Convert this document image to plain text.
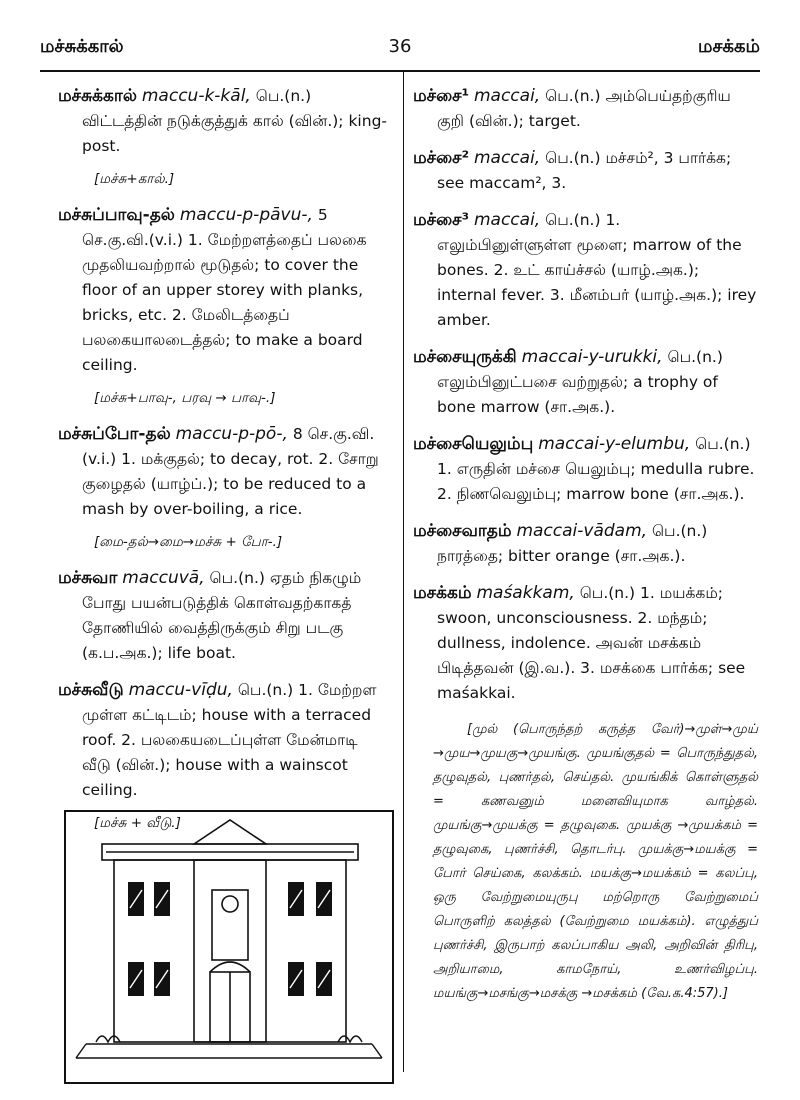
மச்சுக்கால்	36	மசக்கம்
மச்சுக்கால் maccu-k-kāl, பெ.(n.) விட்டத்தின் நடுக்குத்துக் கால் (வின்.); king-post.
[மச்சு+கால்.]
மச்சுப்பாவு-தல் maccu-p-pāvu-, 5 செ.கு.வி.(v.i.) 1. மேற்றளத்தைப் பலகை முதலியவற்றால் மூடுதல்; to cover the floor of an upper storey with planks, bricks, etc. 2. மேலிடத்தைப் பலகையாலடைத்தல்; to make a board ceiling.
[மச்சு+பாவு-, பரவு → பாவு-.]
மச்சுப்போ-தல் maccu-p-pō-, 8 செ.கு.வி. (v.i.) 1. மக்குதல்; to decay, rot. 2. சோறு குழைதல் (யாழ்ப்.); to be reduced to a mash by over-boiling, a rice.
[மை-தல்→மை→மச்சு + போ-.]
மச்சுவா maccuvā, பெ.(n.) ஏதம் நிகழும் போது பயன்படுத்திக் கொள்வதற்காகத் தோணியில் வைத்திருக்கும் சிறு படகு (க.ப.அக.); life boat.
மச்சுவீடு maccu-vīḍu, பெ.(n.) 1. மேற்றள முள்ள கட்டிடம்; house with a terraced roof. 2. பலகையடைப்புள்ள மேன்மாடி வீடு (வின்.); house with a wainscot ceiling.
[மச்சு + வீடு.]
மச்சை¹ maccai, பெ.(n.) அம்பெய்தற்குரிய குறி (வின்.); target.
மச்சை² maccai, பெ.(n.) மச்சம்², 3 பார்க்க; see maccam², 3.
மச்சை³ maccai, பெ.(n.) 1. எலும்பினுள்ளுள்ள மூளை; marrow of the bones. 2. உட் காய்ச்சல் (யாழ்.அக.); internal fever. 3. மீனம்பர் (யாழ்.அக.); irey amber.
மச்சையுருக்கி maccai-y-urukki, பெ.(n.) எலும்பினுட்பசை வற்றுதல்; a trophy of bone marrow (சா.அக.).
மச்சையெலும்பு maccai-y-elumbu, பெ.(n.) 1. எருதின் மச்சை யெலும்பு; medulla rubre. 2. நிணவெலும்பு; marrow bone (சா.அக.).
மச்சைவாதம் maccai-vādam, பெ.(n.) நாரத்தை; bitter orange (சா.அக.).
மசக்கம் maśakkam, பெ.(n.) 1. மயக்கம்; swoon, unconsciousness. 2. மந்தம்; dullness, indolence. அவன் மசக்கம் பிடித்தவன் (இ.வ.). 3. மசக்கை பார்க்க; see maśakkai.
[முல் (பொருந்தற் கருத்த வேர்)→முள்→முய் →முய→முயகு→முயங்கு. முயங்குதல் = பொருந்துதல், தழுவுதல், புணர்தல், செய்தல். முயங்கிக் கொள்ளுதல் = கணவனும் மனைவியுமாக வாழ்தல். முயங்கு→முயக்கு = தழுவுகை. முயக்கு →முயக்கம் = தழுவுகை, புணர்ச்சி, தொடர்பு. முயக்கு→மயக்கு = போர் செய்கை, கலக்கம். மயக்கு→மயக்கம் = கலப்பு, ஒரு வேற்றுமையுருபு மற்றொரு வேற்றுமைப் பொருளிற் கலத்தல் (வேற்றுமை மயக்கம்). எழுத்துப் புணர்ச்சி, இருபாற் கலப்பாகிய அலி, அறிவின் திரிபு, அறியாமை, காமநோய், உணர்விழப்பு. மயங்கு→மசங்கு→மசக்கு →மசக்கம் (வே.க.4:57).]
